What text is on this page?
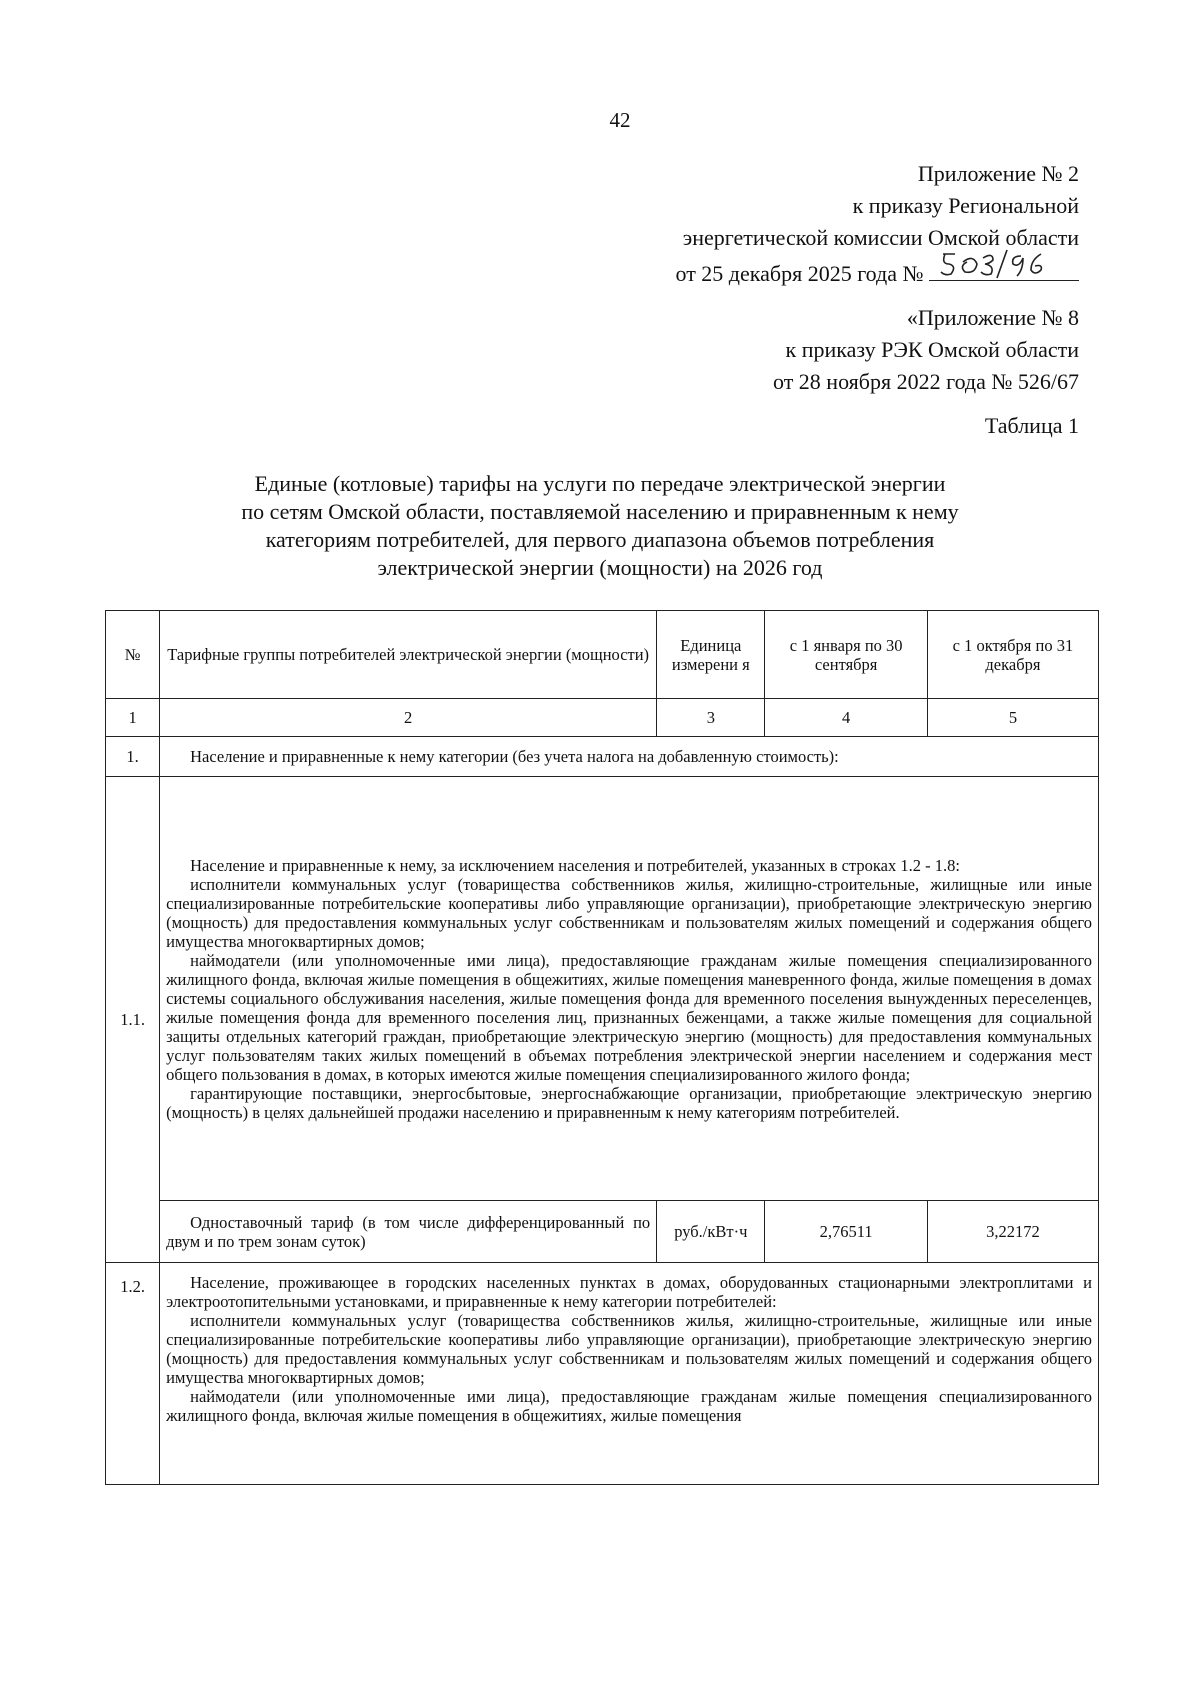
42
Приложение № 2
к приказу Региональной
энергетической комиссии Омской области
от 25 декабря 2025 года №
«Приложение № 8
к приказу РЭК Омской области
от 28 ноября 2022 года № 526/67
Таблица 1
Единые (котловые) тарифы на услуги по передаче электрической энергии
по сетям Омской области, поставляемой населению и приравненным к нему
категориям потребителей, для первого диапазона объемов потребления
электрической энергии (мощности) на 2026 год
№	Тарифные группы потребителей электрической энергии (мощности)	Единица измерени я	с 1 января по 30 сентября	с 1 октября по 31 декабря
1	2	3	4	5
1.	Население и приравненные к нему категории (без учета налога на добавленную стоимость):			
1.1.	Население и приравненные к нему, за исключением населения и потребителей, указанных в строках 1.2 - 1.8:

исполнители коммунальных услуг (товарищества собственников жилья, жилищно-строительные, жилищные или иные специализированные потребительские кооперативы либо управляющие организации), приобретающие электрическую энергию (мощность) для предоставления коммунальных услуг собственникам и пользователям жилых помещений и содержания общего имущества многоквартирных домов;

наймодатели (или уполномоченные ими лица), предоставляющие гражданам жилые помещения специализированного жилищного фонда, включая жилые помещения в общежитиях, жилые помещения маневренного фонда, жилые помещения в домах системы социального обслуживания населения, жилые помещения фонда для временного поселения вынужденных переселенцев, жилые помещения фонда для временного поселения лиц, признанных беженцами, а также жилые помещения для социальной защиты отдельных категорий граждан, приобретающие электрическую энергию (мощность) для предоставления коммунальных услуг пользователям таких жилых помещений в объемах потребления электрической энергии населением и содержания мест общего пользования в домах, в которых имеются жилые помещения специализированного жилого фонда;

гарантирующие поставщики, энергосбытовые, энергоснабжающие организации, приобретающие электрическую энергию (мощность) в целях дальнейшей продажи населению и приравненным к нему категориям потребителей.			

	Одноставочный тариф (в том числе дифференцированный по двум и по трем зонам суток)	руб./кВт·ч	2,76511	3,22172
1.2.	Население, проживающее в городских населенных пунктах в домах, оборудованных стационарными электроплитами и электроотопительными установками, и приравненные к нему категории потребителей:

исполнители коммунальных услуг (товарищества собственников жилья, жилищно-строительные, жилищные или иные специализированные потребительские кооперативы либо управляющие организации), приобретающие электрическую энергию (мощность) для предоставления коммунальных услуг собственникам и пользователям жилых помещений и содержания общего имущества многоквартирных домов;

наймодатели (или уполномоченные ими лица), предоставляющие гражданам жилые помещения специализированного жилищного фонда, включая жилые помещения в общежитиях, жилые помещения			
